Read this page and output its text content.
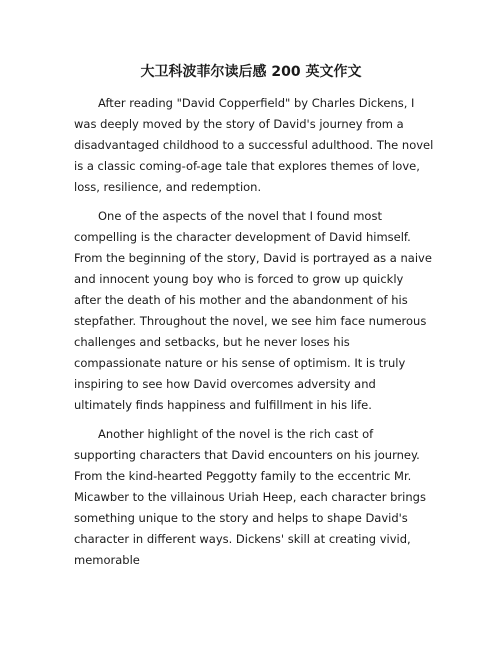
大卫科波菲尔读后感 200 英文作文

After reading "David Copperfield" by Charles Dickens, I was deeply moved by the story of David's journey from a disadvantaged childhood to a successful adulthood. The novel is a classic coming-of-age tale that explores themes of love, loss, resilience, and redemption.

One of the aspects of the novel that I found most compelling is the character development of David himself. From the beginning of the story, David is portrayed as a naive and innocent young boy who is forced to grow up quickly after the death of his mother and the abandonment of his stepfather. Throughout the novel, we see him face numerous challenges and setbacks, but he never loses his compassionate nature or his sense of optimism. It is truly inspiring to see how David overcomes adversity and ultimately finds happiness and fulfillment in his life.

Another highlight of the novel is the rich cast of supporting characters that David encounters on his journey. From the kind-hearted Peggotty family to the eccentric Mr. Micawber to the villainous Uriah Heep, each character brings something unique to the story and helps to shape David's character in different ways. Dickens' skill at creating vivid, memorable
